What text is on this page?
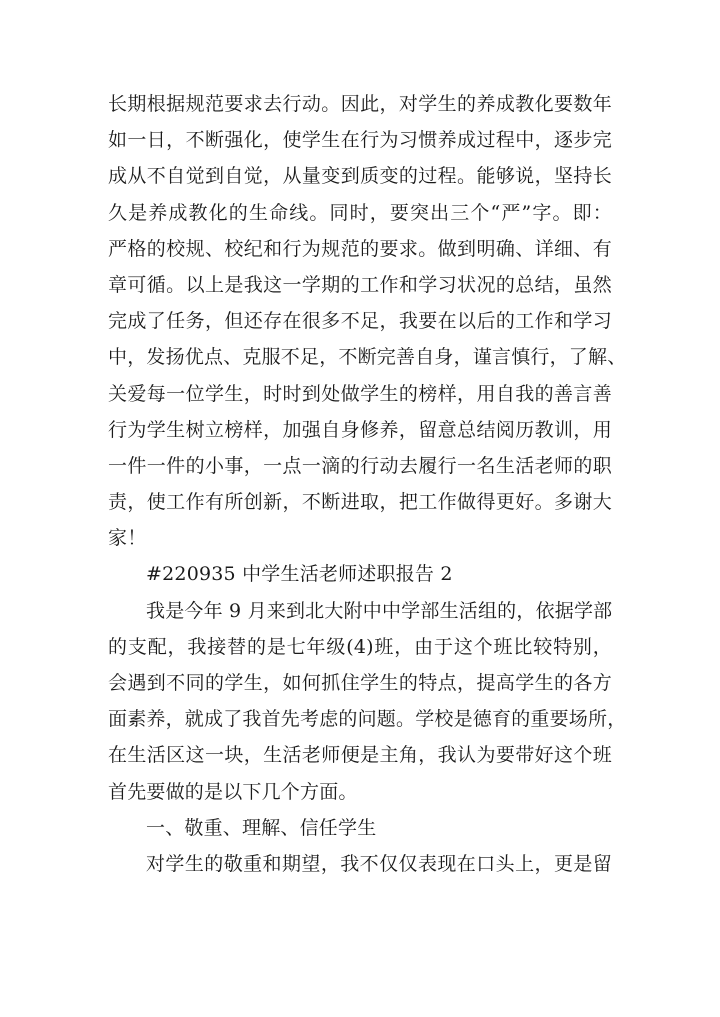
长期根据规范要求去行动。因此，对学生的养成教化要数年
如一日，不断强化，使学生在行为习惯养成过程中，逐步完
成从不自觉到自觉，从量变到质变的过程。能够说，坚持长
久是养成教化的生命线。同时，要突出三个“严”字。即：
严格的校规、校纪和行为规范的要求。做到明确、详细、有
章可循。以上是我这一学期的工作和学习状况的总结，虽然
完成了任务，但还存在很多不足，我要在以后的工作和学习
中，发扬优点、克服不足，不断完善自身，谨言慎行，了解、
关爱每一位学生，时时到处做学生的榜样，用自我的善言善
行为学生树立榜样，加强自身修养，留意总结阅历教训，用
一件一件的小事，一点一滴的行动去履行一名生活老师的职
责，使工作有所创新，不断进取，把工作做得更好。多谢大
家！
#220935 中学生活老师述职报告 2
我是今年 9 月来到北大附中中学部生活组的，依据学部
的支配，我接替的是七年级(4)班，由于这个班比较特别，
会遇到不同的学生，如何抓住学生的特点，提高学生的各方
面素养，就成了我首先考虑的问题。学校是德育的重要场所，
在生活区这一块，生活老师便是主角，我认为要带好这个班
首先要做的是以下几个方面。
一、敬重、理解、信任学生
对学生的敬重和期望，我不仅仅表现在口头上，更是留
